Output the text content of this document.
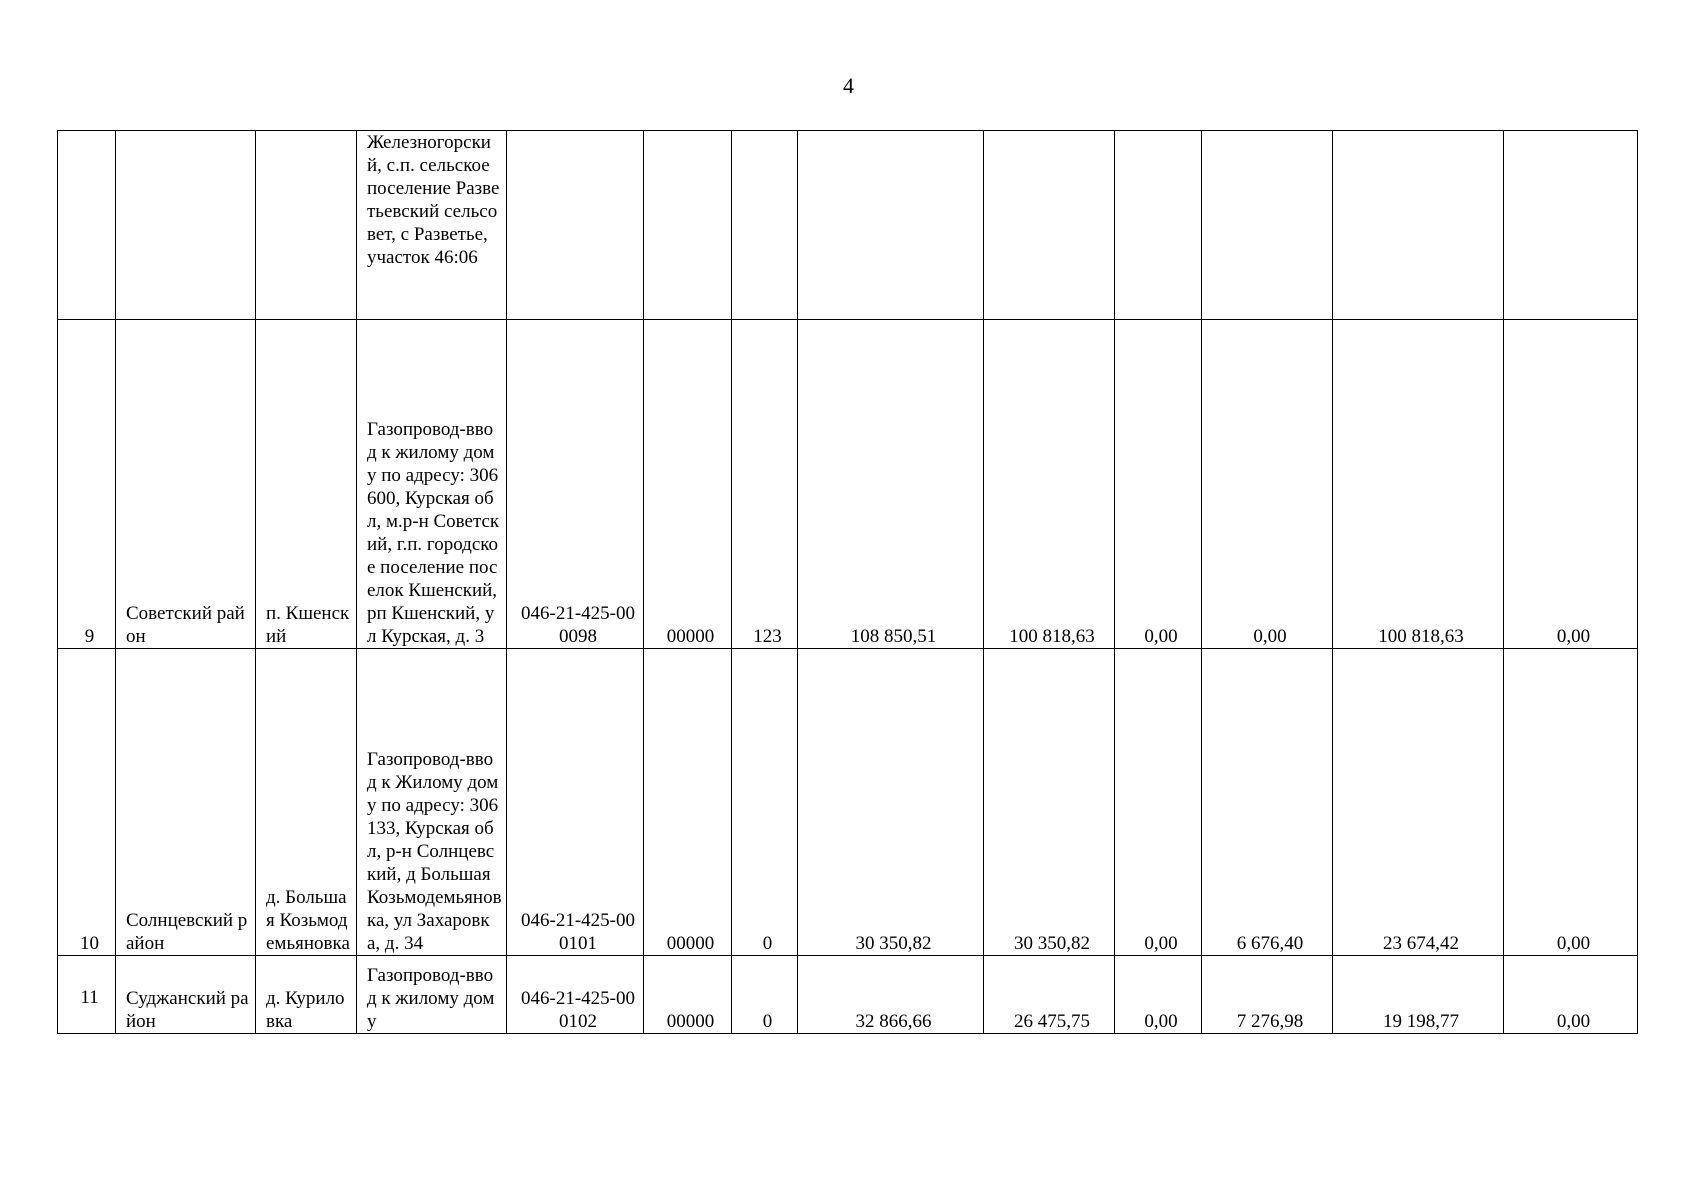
4
			Железногорский, с.п. сельское поселение Разветьевский сельсовет, с Разветье, участок 46:06									
9	Советский район	п. Кшенский	Газопровод-ввод к жилому дому по адресу: 306600, Курская обл, м.р-н Советский, г.п. городское поселение поселок Кшенский, рп Кшенский, ул Курская, д. 3	046-21-425-000098	00000	123	108 850,51	100 818,63	0,00	0,00	100 818,63	0,00
10	Солнцевский район	д. Большая Козьмодемьяновка	Газопровод-ввод к Жилому дому по адресу: 306133, Курская обл, р-н Солнцевский, д Большая Козьмодемьяновка, ул Захаровка, д. 34	046-21-425-000101	00000	0	30 350,82	30 350,82	0,00	6 676,40	23 674,42	0,00
11	Суджанский район	д. Куриловка	Газопровод-ввод к жилому дому	046-21-425-000102	00000	0	32 866,66	26 475,75	0,00	7 276,98	19 198,77	0,00
